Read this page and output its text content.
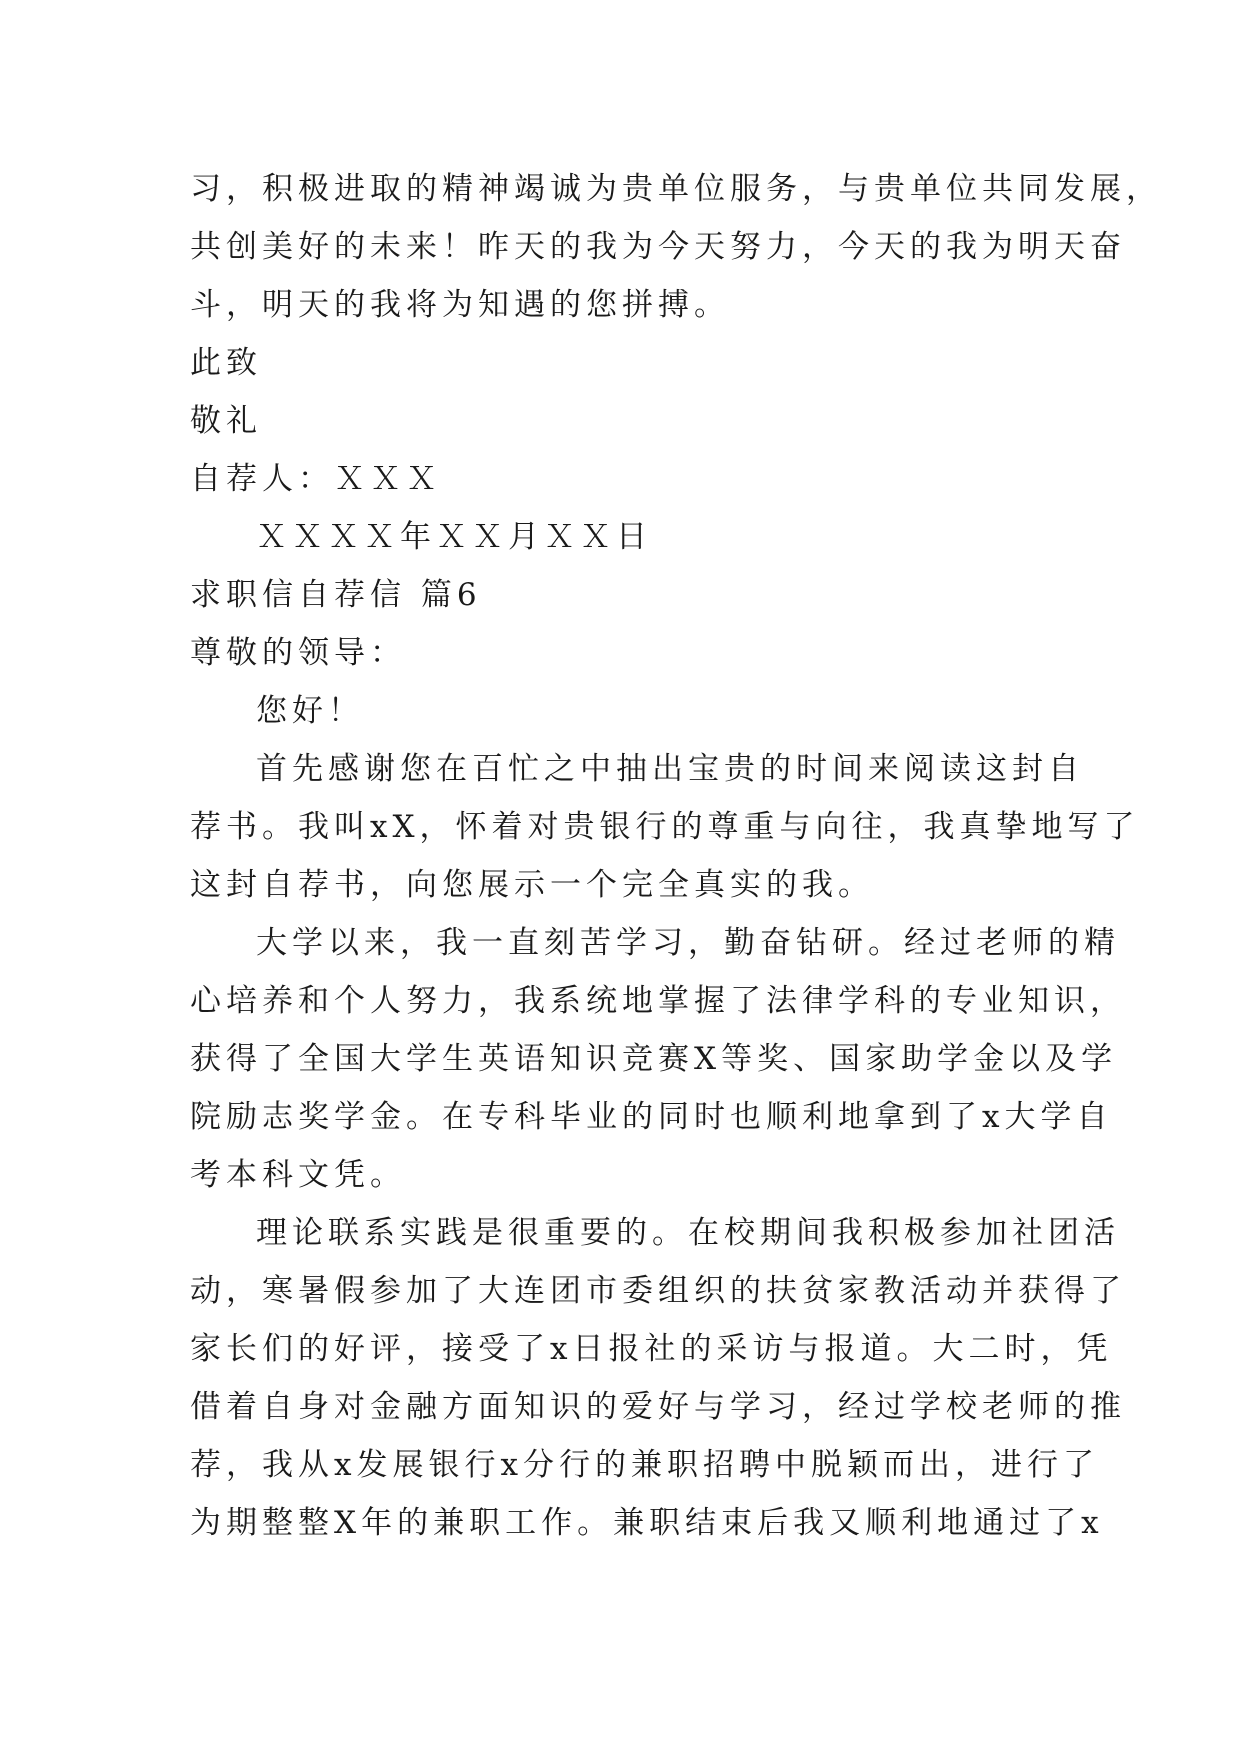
习，积极进取的精神竭诚为贵单位服务，与贵单位共同发展，
共创美好的未来！昨天的我为今天努力，今天的我为明天奋
斗，明天的我将为知遇的您拼搏。
此致
敬礼
自荐人：ＸＸＸ
ＸＸＸＸ年ＸＸ月ＸＸ日
求职信自荐信 篇6
尊敬的领导：
您好！
首先感谢您在百忙之中抽出宝贵的时间来阅读这封自
荐书。我叫xX，怀着对贵银行的尊重与向往，我真挚地写了
这封自荐书，向您展示一个完全真实的我。
大学以来，我一直刻苦学习，勤奋钻研。经过老师的精
心培养和个人努力，我系统地掌握了法律学科的专业知识，
获得了全国大学生英语知识竞赛X等奖、国家助学金以及学
院励志奖学金。在专科毕业的同时也顺利地拿到了x大学自
考本科文凭。
理论联系实践是很重要的。在校期间我积极参加社团活
动，寒暑假参加了大连团市委组织的扶贫家教活动并获得了
家长们的好评，接受了x日报社的采访与报道。大二时，凭
借着自身对金融方面知识的爱好与学习，经过学校老师的推
荐，我从x发展银行x分行的兼职招聘中脱颖而出，进行了
为期整整X年的兼职工作。兼职结束后我又顺利地通过了x
